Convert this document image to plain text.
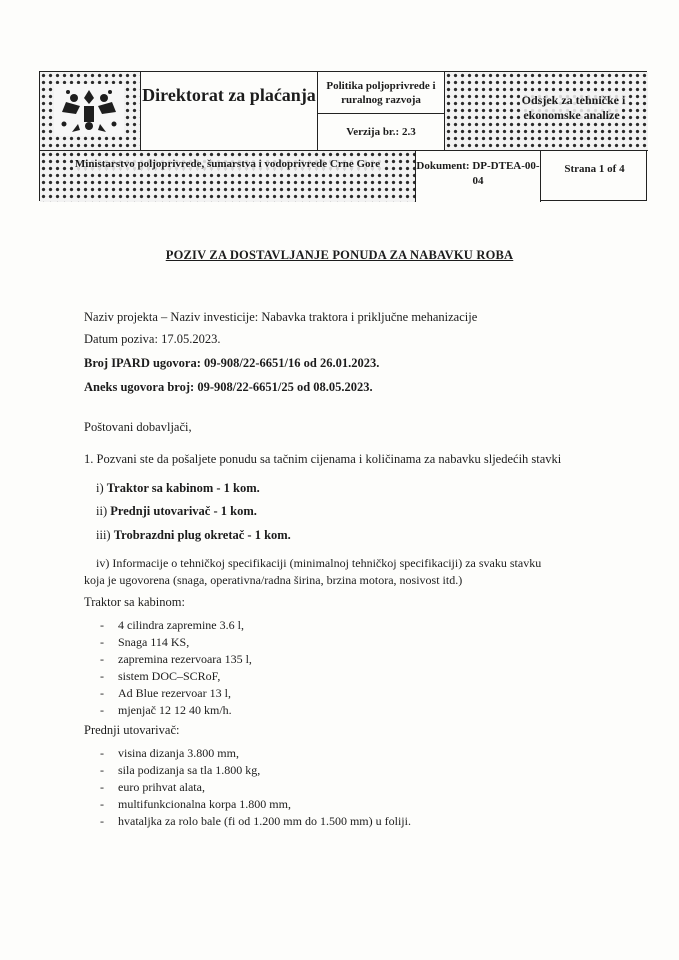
Direktorat za plaćanja Politika poljoprivrede i ruralnog razvoja
Verzija br.: 2.3
Odsjek za tehničke i ekonomske analize
Ministarstvo poljoprivrede, šumarstva i vodoprivrede Crne Gore	Dokument: DP-DTEA-00-04
Strana 1 of 4
POZIV ZA DOSTAVLJANJE PONUDA ZA NABAVKU ROBA
Naziv projekta – Naziv investicije: Nabavka traktora i priključne mehanizacije
Datum poziva: 17.05.2023.
Broj IPARD ugovora: 09-908/22-6651/16 od 26.01.2023.
Aneks ugovora broj: 09-908/22-6651/25 od 08.05.2023.
Poštovani dobavljači,
1. Pozvani ste da pošaljete ponudu sa tačnim cijenama i količinama za nabavku sljedećih stavki
i) Traktor sa kabinom - 1 kom.
ii) Prednji utovarivač - 1 kom.
iii) Trobrazdni plug okretač - 1 kom.
iv) Informacije o tehničkoj specifikaciji (minimalnoj tehničkoj specifikaciji) za svaku stavku
koja je ugovorena (snaga, operativna/radna širina, brzina motora, nosivost itd.)
Traktor sa kabinom:
- 4 cilindra zapremine 3.6 l,
- Snaga 114 KS,
- zapremina rezervoara 135 l,
- sistem DOC–SCRoF,
- Ad Blue rezervoar 13 l,
- mjenjač 12 12 40 km/h.
Prednji utovarivač:
- visina dizanja 3.800 mm,
- sila podizanja sa tla 1.800 kg,
- euro prihvat alata,
- multifunkcionalna korpa 1.800 mm,
- hvataljka za rolo bale (fi od 1.200 mm do 1.500 mm) u foliji.
